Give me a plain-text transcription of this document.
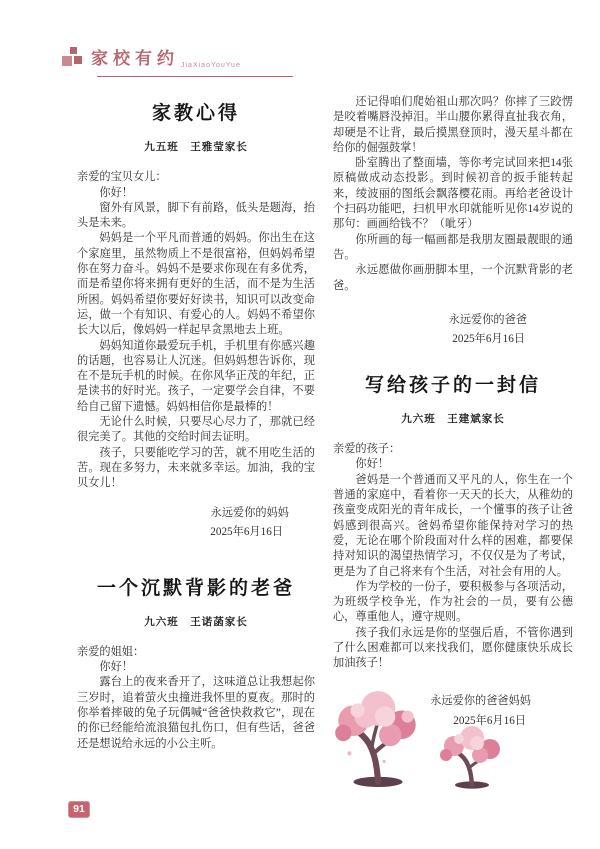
家校有约 JiaXiaoYouYue
家教心得
九五班　王雅莹家长

亲爱的宝贝女儿：

你好！

窗外有风景，脚下有前路，低头是题海，抬头是未来。

妈妈是一个平凡而普通的妈妈。你出生在这个家庭里，虽然物质上不是很富裕，但妈妈希望你在努力奋斗。妈妈不是要求你现在有多优秀，而是希望你将来拥有更好的生活，而不是为生活所困。妈妈希望你要好好读书，知识可以改变命运，做一个有知识、有爱心的人。妈妈不希望你长大以后，像妈妈一样起早贪黑地去上班。

妈妈知道你最爱玩手机，手机里有你感兴趣的话题，也容易让人沉迷。但妈妈想告诉你，现在不是玩手机的时候。在你风华正茂的年纪，正是读书的好时光。孩子，一定要学会自律，不要给自己留下遗憾。妈妈相信你是最棒的！

无论什么时候，只要尽心尽力了，那就已经很完美了。其他的交给时间去证明。

孩子，只要能吃学习的苦，就不用吃生活的苦。现在多努力，未来就多幸运。加油，我的宝贝女儿！

永远爱你的妈妈
2025年6月16日
一个沉默背影的老爸
九六班　王诺菡家长

亲爱的姐姐：

你好！

露台上的夜来香开了，这味道总让我想起你三岁时，追着萤火虫撞进我怀里的夏夜。那时的你举着摔破的兔子玩偶喊“爸爸快救救它”，现在的你已经能给流浪猫包扎伤口，但有些话，爸爸还是想说给永远的小公主听。

还记得咱们爬始祖山那次吗？你摔了三跤愣是咬着嘴唇没掉泪。半山腰你累得直扯我衣角，却硬是不让背，最后摸黑登顶时，漫天星斗都在给你的倔强鼓掌！

卧室腾出了整面墙，等你考完试回来把14张原稿做成动态投影。到时候初音的扳手能转起来，绫波丽的图纸会飘落樱花雨。再给老爸设计个扫码功能吧，扫机甲水印就能听见你14岁说的那句：画画给钱不？（呲牙）

你所画的每一幅画都是我朋友圈最靓眼的通告。

永远愿做你画册脚本里，一个沉默背影的老爸。

永远爱你的爸爸
2025年6月16日
写给孩子的一封信
九六班　王建斌家长

亲爱的孩子：

你好！

爸妈是一个普通而又平凡的人，你生在一个普通的家庭中，看着你一天天的长大，从稚幼的孩童变成阳光的青年成长，一个懂事的孩子让爸妈感到很高兴。爸妈希望你能保持对学习的热爱，无论在哪个阶段面对什么样的困难，都要保持对知识的渴望热情学习，不仅仅是为了考试，更是为了自己将来有个生活，对社会有用的人。

作为学校的一份子，要积极参与各项活动，为班级学校争光，作为社会的一员，要有公德心，尊重他人，遵守规则。

孩子我们永远是你的坚强后盾，不管你遇到了什么困难都可以来找我们，愿你健康快乐成长加油孩子！

永远爱你的爸爸妈妈
2025年6月16日
91
